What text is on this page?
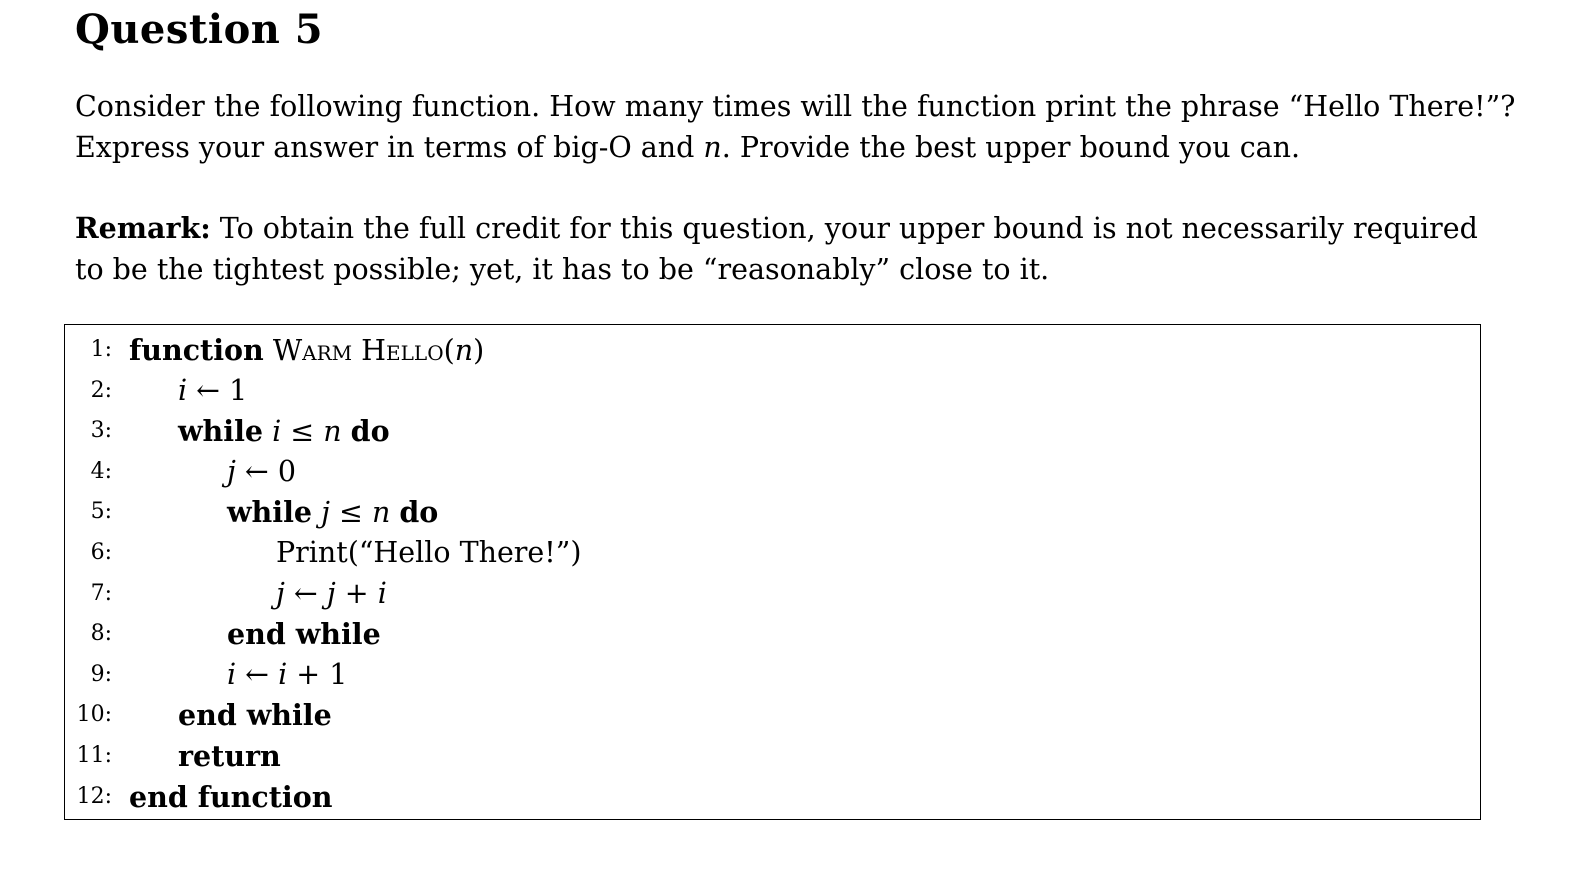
Question 5

Consider the following function. How many times will the function print the phrase “Hello There!”?
Express your answer in terms of big-O and n. Provide the best upper bound you can.

Remark: To obtain the full credit for this question, your upper bound is not necessarily required
to be the tightest possible; yet, it has to be “reasonably” close to it.

1: function Warm Hello(n)
2: i ← 1
3: while i ≤ n do
4:	j ← 0
5:	while j ≤ n do
6:	Print(“Hello There!”)
7:	j ← j + i
8:	end while
9:	i ← i + 1
10: end while
11: return
12: end function
